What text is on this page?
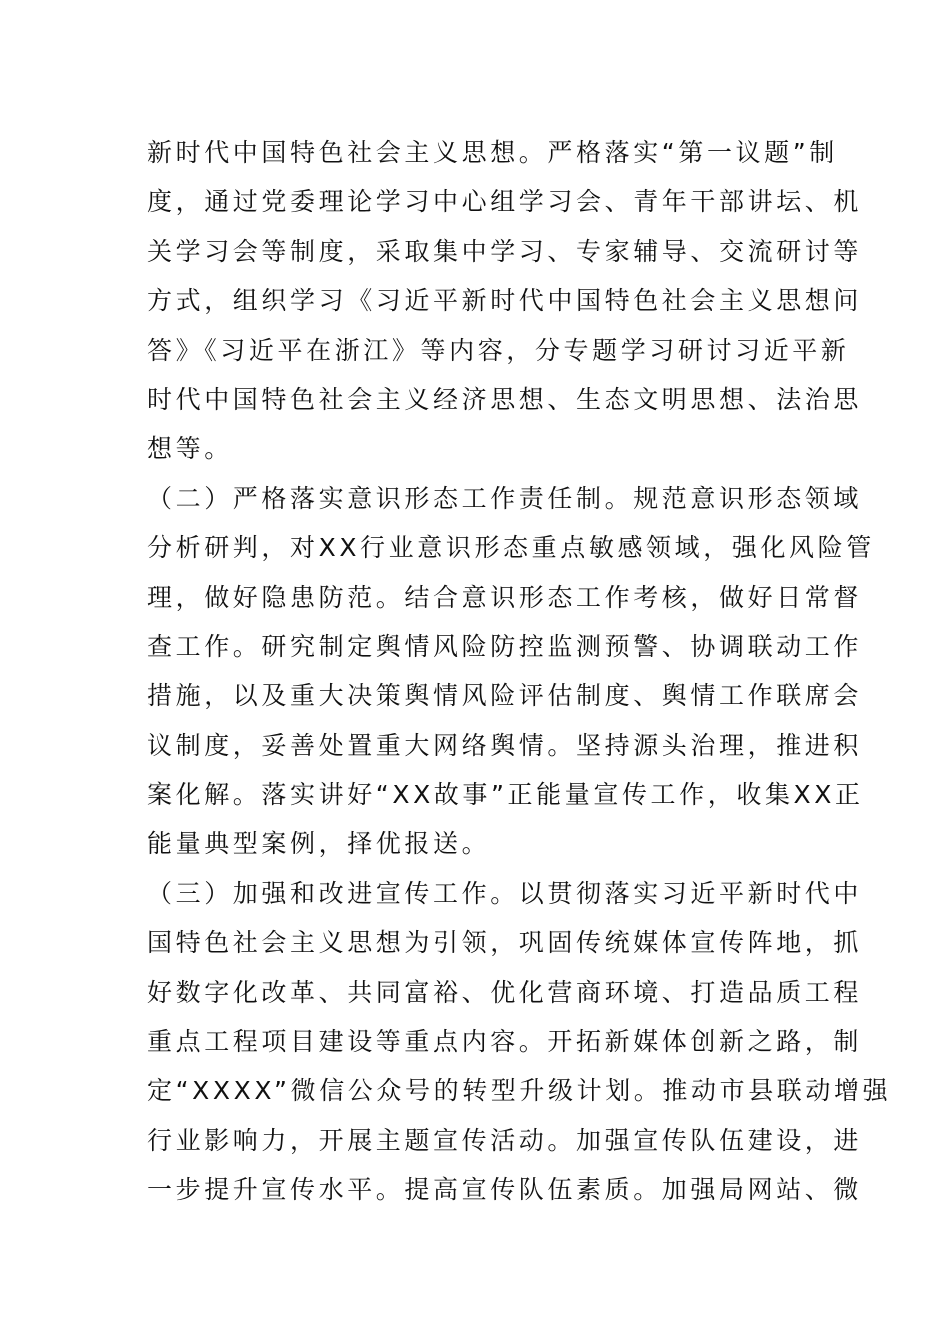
新时代中国特色社会主义思想。严格落实“第一议题”制
度，通过党委理论学习中心组学习会、青年干部讲坛、机
关学习会等制度，采取集中学习、专家辅导、交流研讨等
方式，组织学习《习近平新时代中国特色社会主义思想问
答》《习近平在浙江》等内容，分专题学习研讨习近平新
时代中国特色社会主义经济思想、生态文明思想、法治思
想等。
（二）严格落实意识形态工作责任制。规范意识形态领域
分析研判，对XX行业意识形态重点敏感领域，强化风险管
理，做好隐患防范。结合意识形态工作考核，做好日常督
查工作。研究制定舆情风险防控监测预警、协调联动工作
措施，以及重大决策舆情风险评估制度、舆情工作联席会
议制度，妥善处置重大网络舆情。坚持源头治理，推进积
案化解。落实讲好“XX故事”正能量宣传工作，收集XX正
能量典型案例，择优报送。
（三）加强和改进宣传工作。以贯彻落实习近平新时代中
国特色社会主义思想为引领，巩固传统媒体宣传阵地，抓
好数字化改革、共同富裕、优化营商环境、打造品质工程
重点工程项目建设等重点内容。开拓新媒体创新之路，制
定“XXXX”微信公众号的转型升级计划。推动市县联动增强
行业影响力，开展主题宣传活动。加强宣传队伍建设，进
一步提升宣传水平。提高宣传队伍素质。加强局网站、微
